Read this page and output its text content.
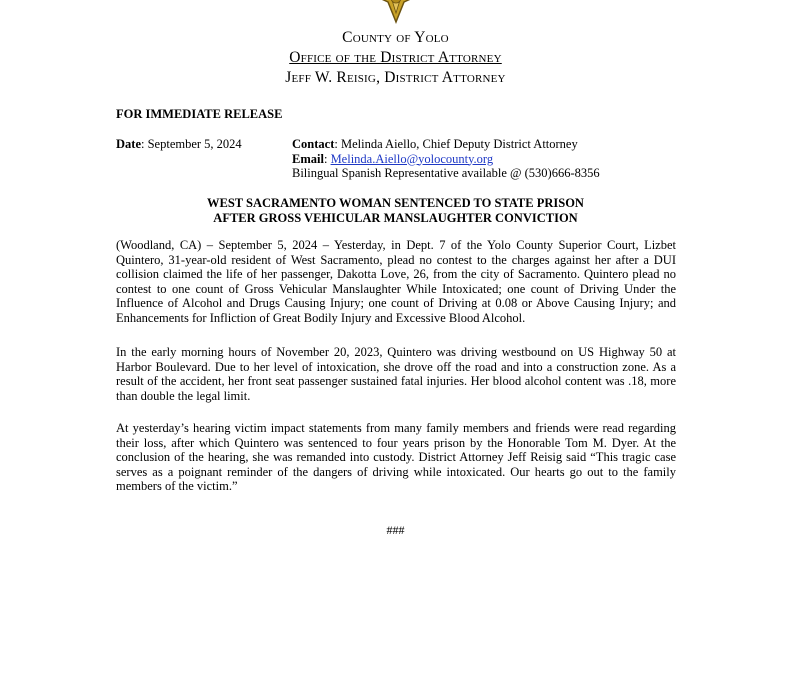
County of Yolo
Office of the District Attorney
Jeff W. Reisig, District Attorney
FOR IMMEDIATE RELEASE
Date: September 5, 2024	Contact: Melinda Aiello, Chief Deputy District Attorney
Email: Melinda.Aiello@yolocounty.org
Bilingual Spanish Representative available @ (530)666-8356
WEST SACRAMENTO WOMAN SENTENCED TO STATE PRISON
AFTER GROSS VEHICULAR MANSLAUGHTER CONVICTION

(Woodland, CA) – September 5, 2024 – Yesterday, in Dept. 7 of the Yolo County Superior Court, Lizbet Quintero, 31-year-old resident of West Sacramento, plead no contest to the charges against her after a DUI collision claimed the life of her passenger, Dakotta Love, 26, from the city of Sacramento. Quintero plead no contest to one count of Gross Vehicular Manslaughter While Intoxicated; one count of Driving Under the Influence of Alcohol and Drugs Causing Injury; one count of Driving at 0.08 or Above Causing Injury; and Enhancements for Infliction of Great Bodily Injury and Excessive Blood Alcohol.

In the early morning hours of November 20, 2023, Quintero was driving westbound on US Highway 50 at Harbor Boulevard. Due to her level of intoxication, she drove off the road and into a construction zone. As a result of the accident, her front seat passenger sustained fatal injuries. Her blood alcohol content was .18, more than double the legal limit.

At yesterday’s hearing victim impact statements from many family members and friends were read regarding their loss, after which Quintero was sentenced to four years prison by the Honorable Tom M. Dyer. At the conclusion of the hearing, she was remanded into custody. District Attorney Jeff Reisig said “This tragic case serves as a poignant reminder of the dangers of driving while intoxicated. Our hearts go out to the family members of the victim.”

###
